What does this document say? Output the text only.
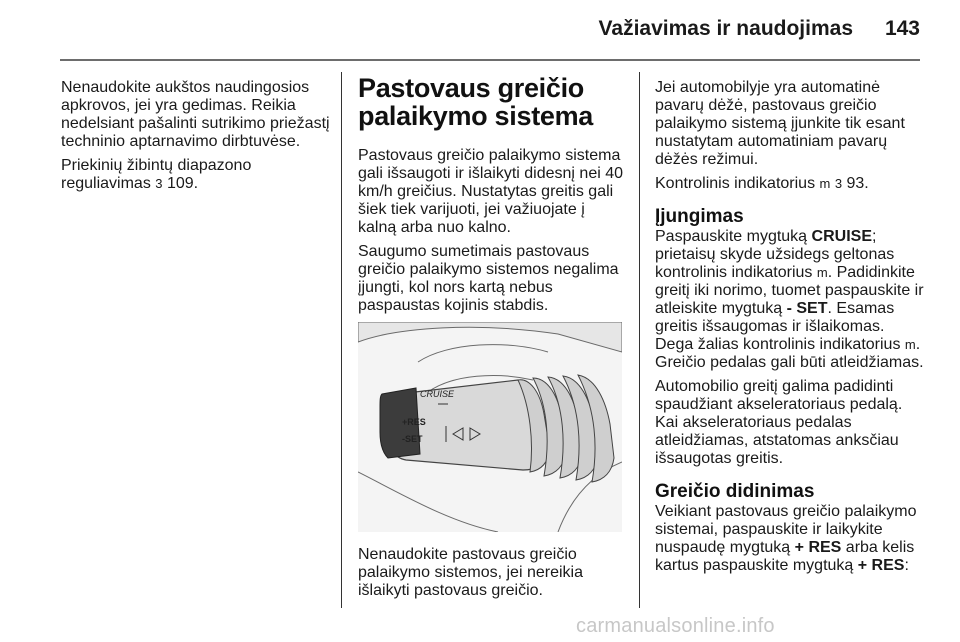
Važiavimas ir naudojimas 143

Nenaudokite aukštos naudingosios apkrovos, jei yra gedimas. Reikia nedelsiant pašalinti sutrikimo priežastį techninio aptarnavimo dirbtuvėse.

Priekinių žibintų diapazono reguliavimas 3 109.

Pastovaus greičio palaikymo sistema

Pastovaus greičio palaikymo sistema gali išsaugoti ir išlaikyti didesnį nei 40 km/h greičius. Nustatytas greitis gali šiek tiek varijuoti, jei važiuojate į kalną arba nuo kalno.

Saugumo sumetimais pastovaus greičio palaikymo sistemos negalima įjungti, kol nors kartą nebus paspaustas kojinis stabdis.

CRUISE
+RES
-SET
Nenaudokite pastovaus greičio palaikymo sistemos, jei nereikia išlaikyti pastovaus greičio.

Jei automobilyje yra automatinė pavarų dėžė, pastovaus greičio palaikymo sistemą įjunkite tik esant nustatytam automatiniam pavarų dėžės režimui.

Kontrolinis indikatorius m 3 93.

Įjungimas

Paspauskite mygtuką CRUISE; prietaisų skyde užsidegs geltonas kontrolinis indikatorius m. Padidinkite greitį iki norimo, tuomet paspauskite ir atleiskite mygtuką - SET. Esamas greitis išsaugomas ir išlaikomas. Dega žalias kontrolinis indikatorius m. Greičio pedalas gali būti atleidžiamas.

Automobilio greitį galima padidinti spaudžiant akseleratoriaus pedalą. Kai akseleratoriaus pedalas atleidžiamas, atstatomas anksčiau išsaugotas greitis.

Greičio didinimas

Veikiant pastovaus greičio palaikymo sistemai, paspauskite ir laikykite nuspaudę mygtuką + RES arba kelis kartus paspauskite mygtuką + RES:

carmanualsonline.info
